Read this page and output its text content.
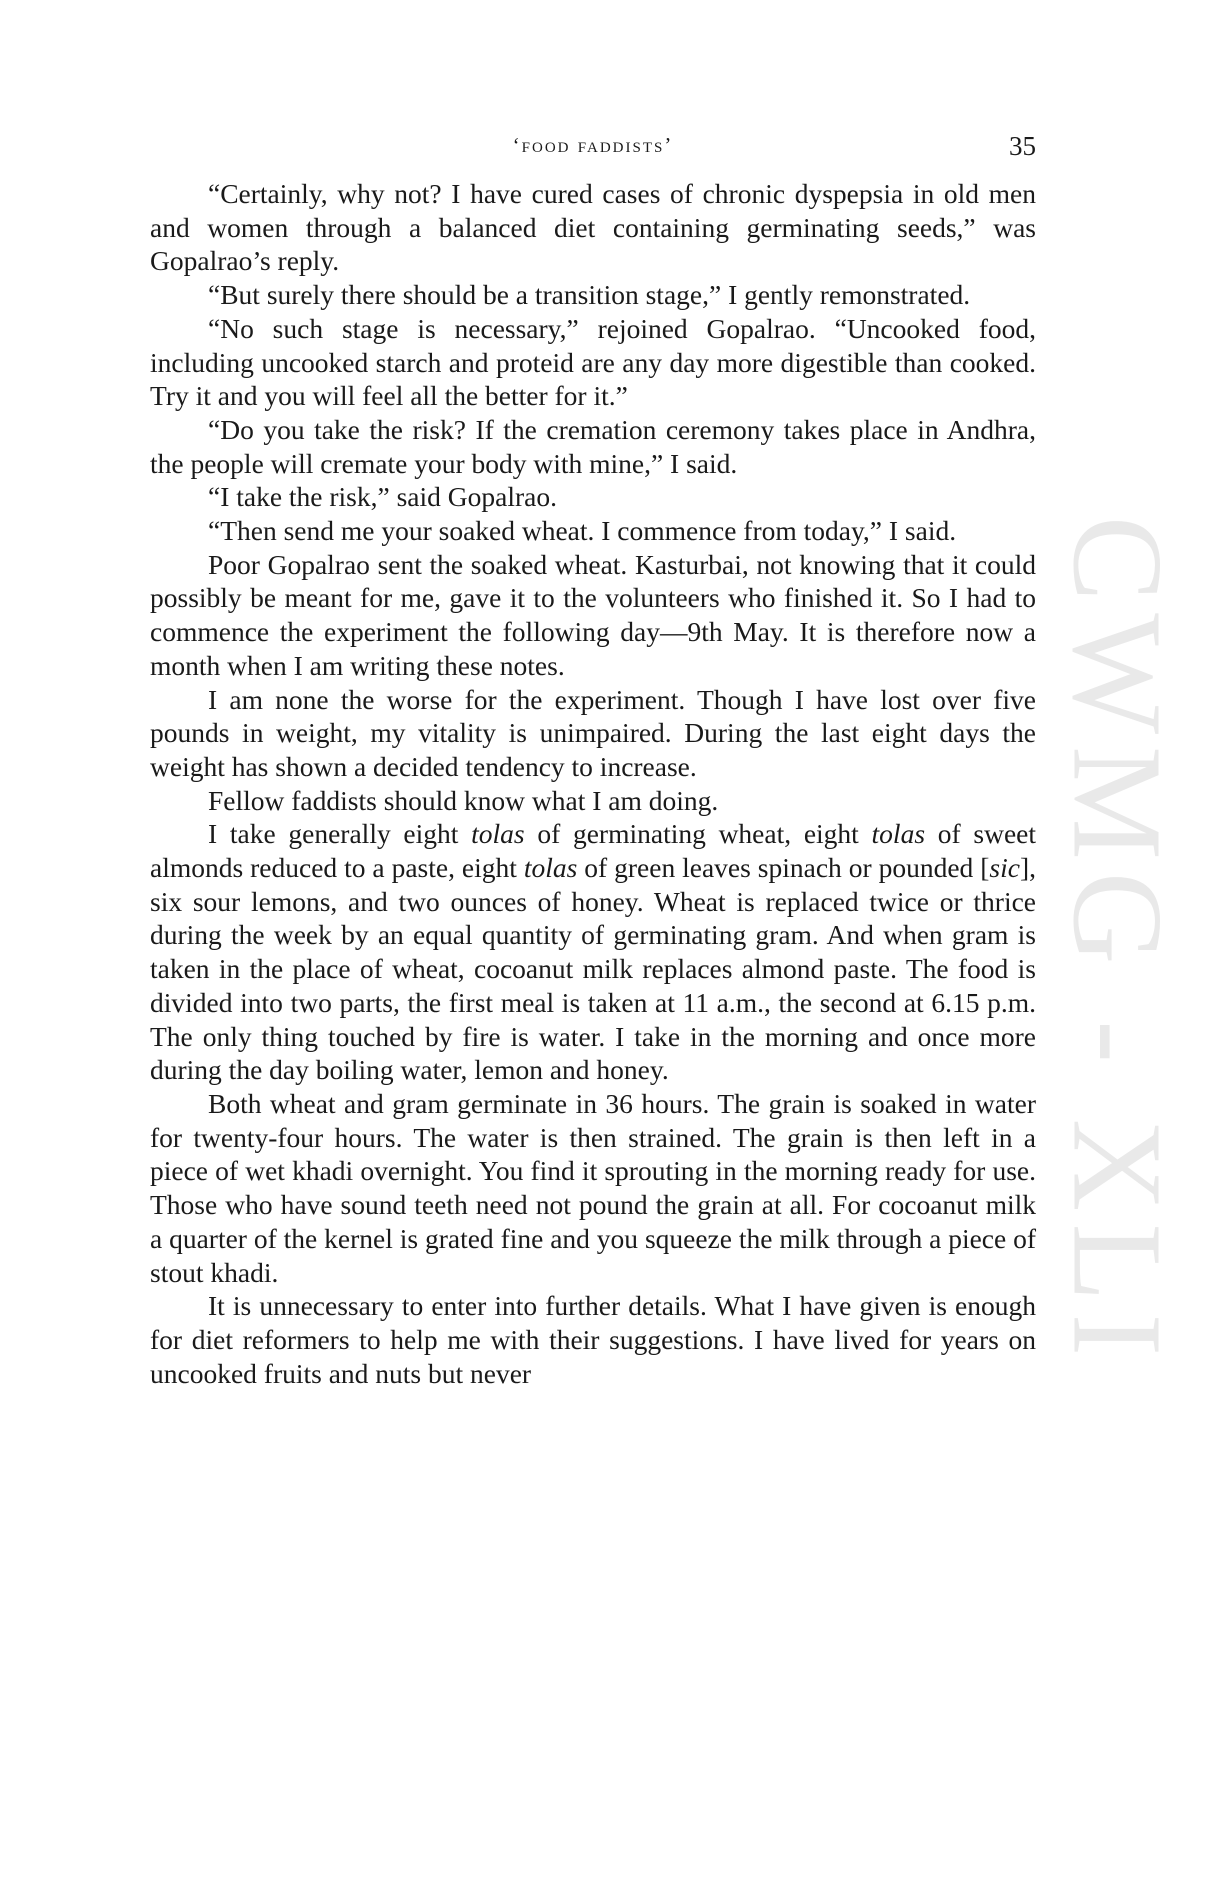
CWMG - XLI
‘food faddists’	35

“Certainly, why not? I have cured cases of chronic dyspepsia in old men and women through a balanced diet containing germinating seeds,” was Gopalrao’s reply.

“But surely there should be a transition stage,” I gently remonstrated.

“No such stage is necessary,” rejoined Gopalrao. “Uncooked food, including uncooked starch and proteid are any day more digestible than cooked. Try it and you will feel all the better for it.”

“Do you take the risk? If the cremation ceremony takes place in Andhra, the people will cremate your body with mine,” I said.

“I take the risk,” said Gopalrao.

“Then send me your soaked wheat. I commence from today,” I said.

Poor Gopalrao sent the soaked wheat. Kasturbai, not knowing that it could possibly be meant for me, gave it to the volunteers who finished it. So I had to commence the experiment the following day—9th May. It is therefore now a month when I am writing these notes.

I am none the worse for the experiment. Though I have lost over five pounds in weight, my vitality is unimpaired. During the last eight days the weight has shown a decided tendency to increase.

Fellow faddists should know what I am doing.

I take generally eight tolas of germinating wheat, eight tolas of sweet almonds reduced to a paste, eight tolas of green leaves spinach or pounded [sic], six sour lemons, and two ounces of honey. Wheat is replaced twice or thrice during the week by an equal quantity of germinating gram. And when gram is taken in the place of wheat, cocoanut milk replaces almond paste. The food is divided into two parts, the first meal is taken at 11 a.m., the second at 6.15 p.m. The only thing touched by fire is water. I take in the morning and once more during the day boiling water, lemon and honey.

Both wheat and gram germinate in 36 hours. The grain is soaked in water for twenty-four hours. The water is then strained. The grain is then left in a piece of wet khadi overnight. You find it sprouting in the morning ready for use. Those who have sound teeth need not pound the grain at all. For cocoanut milk a quarter of the kernel is grated fine and you squeeze the milk through a piece of stout khadi.

It is unnecessary to enter into further details. What I have given is enough for diet reformers to help me with their suggestions. I have lived for years on uncooked fruits and nuts but never
